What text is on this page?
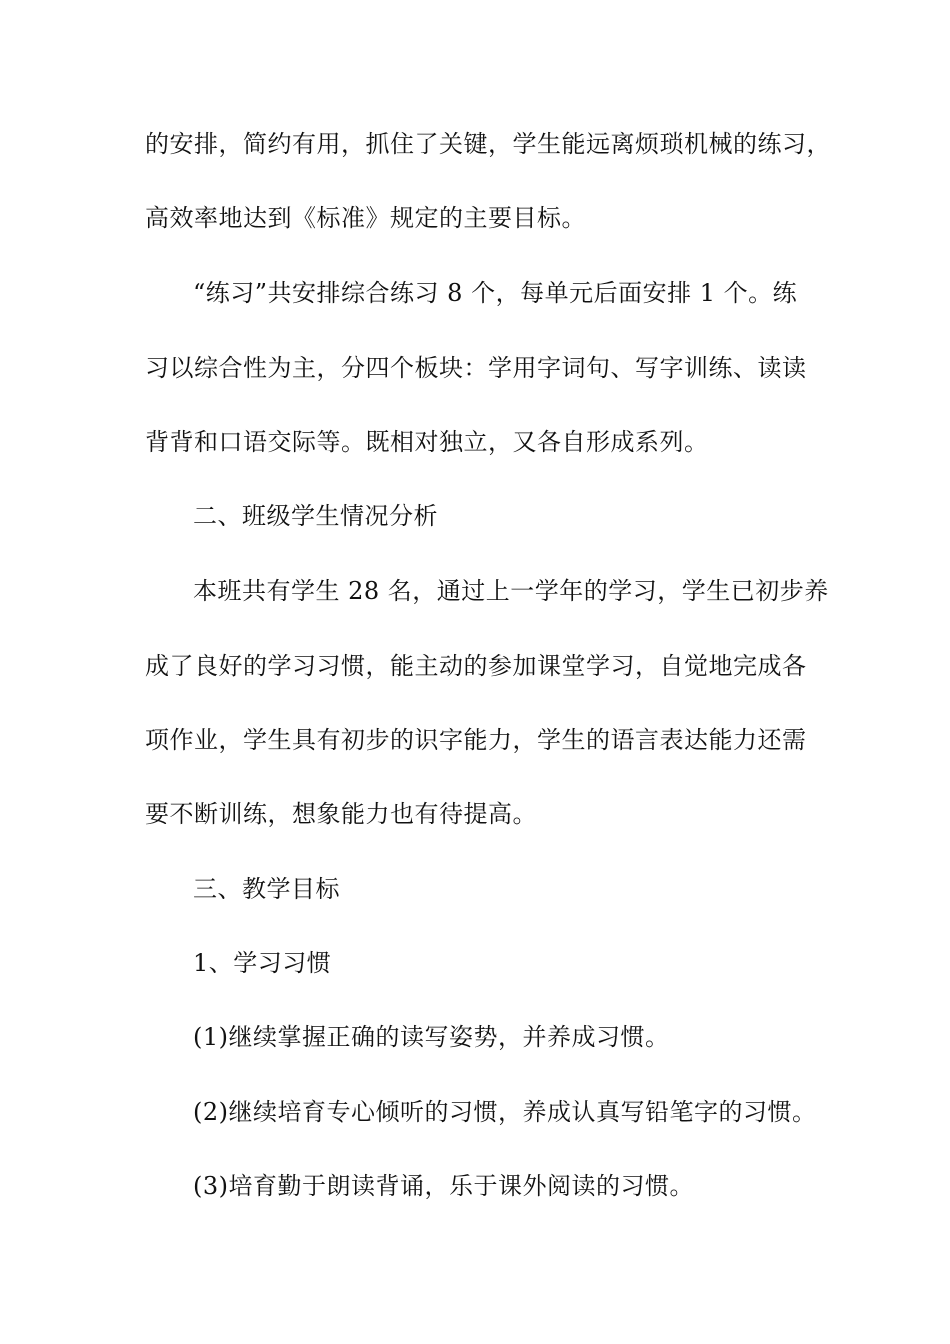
的安排，简约有用，抓住了关键，学生能远离烦琐机械的练习，
高效率地达到《标准》规定的主要目标。
“练习”共安排综合练习 8 个，每单元后面安排 1 个。练
习以综合性为主，分四个板块：学用字词句、写字训练、读读
背背和口语交际等。既相对独立，又各自形成系列。
二、班级学生情况分析
本班共有学生 28 名，通过上一学年的学习，学生已初步养
成了良好的学习习惯，能主动的参加课堂学习，自觉地完成各
项作业，学生具有初步的识字能力，学生的语言表达能力还需
要不断训练，想象能力也有待提高。
三、教学目标
1、学习习惯
(1)继续掌握正确的读写姿势，并养成习惯。
(2)继续培育专心倾听的习惯，养成认真写铅笔字的习惯。
(3)培育勤于朗读背诵，乐于课外阅读的习惯。
